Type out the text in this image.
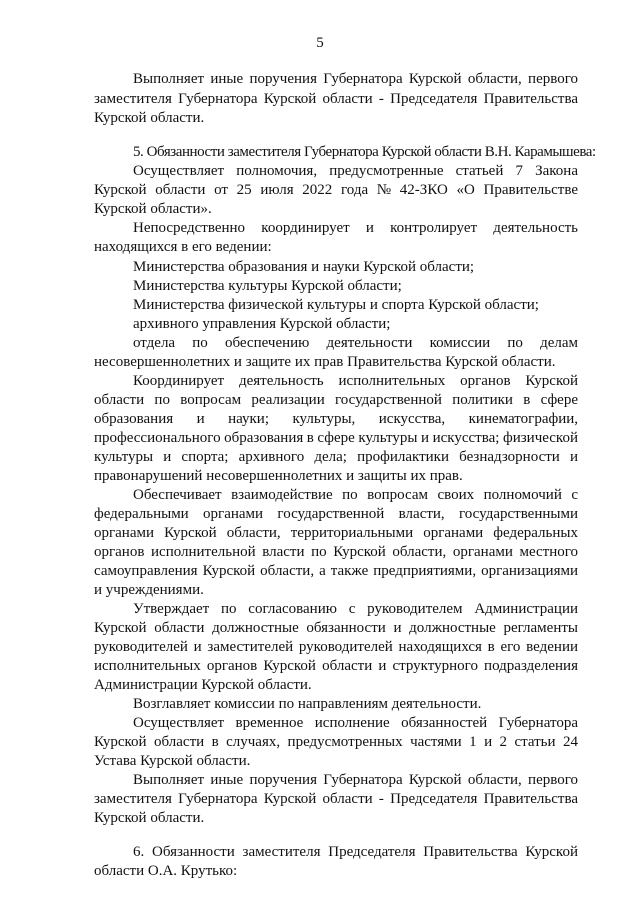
5
Выполняет иные поручения Губернатора Курской области, первого
заместителя Губернатора Курской области - Председателя Правительства
Курской области.
5. Обязанности заместителя Губернатора Курской области В.Н. Карамышева:
Осуществляет полномочия, предусмотренные статьей 7 Закона
Курской области от 25 июля 2022 года № 42-ЗКО «О Правительстве
Курской области».
Непосредственно координирует и контролирует деятельность
находящихся в его ведении:
Министерства образования и науки Курской области;
Министерства культуры Курской области;
Министерства физической культуры и спорта Курской области;
архивного управления Курской области;
отдела по обеспечению деятельности комиссии по делам
несовершеннолетних и защите их прав Правительства Курской области.
Координирует деятельность исполнительных органов Курской
области по вопросам реализации государственной политики в сфере
образования и науки; культуры, искусства, кинематографии,
профессионального образования в сфере культуры и искусства; физической
культуры и спорта; архивного дела; профилактики безнадзорности и
правонарушений несовершеннолетних и защиты их прав.
Обеспечивает взаимодействие по вопросам своих полномочий с
федеральными органами государственной власти, государственными
органами Курской области, территориальными органами федеральных
органов исполнительной власти по Курской области, органами местного
самоуправления Курской области, а также предприятиями, организациями
и учреждениями.
Утверждает по согласованию с руководителем Администрации
Курской области должностные обязанности и должностные регламенты
руководителей и заместителей руководителей находящихся в его ведении
исполнительных органов Курской области и структурного подразделения
Администрации Курской области.
Возглавляет комиссии по направлениям деятельности.
Осуществляет временное исполнение обязанностей Губернатора
Курской области в случаях, предусмотренных частями 1 и 2 статьи 24
Устава Курской области.
Выполняет иные поручения Губернатора Курской области, первого
заместителя Губернатора Курской области - Председателя Правительства
Курской области.
6. Обязанности заместителя Председателя Правительства Курской
области О.А. Крутько:
